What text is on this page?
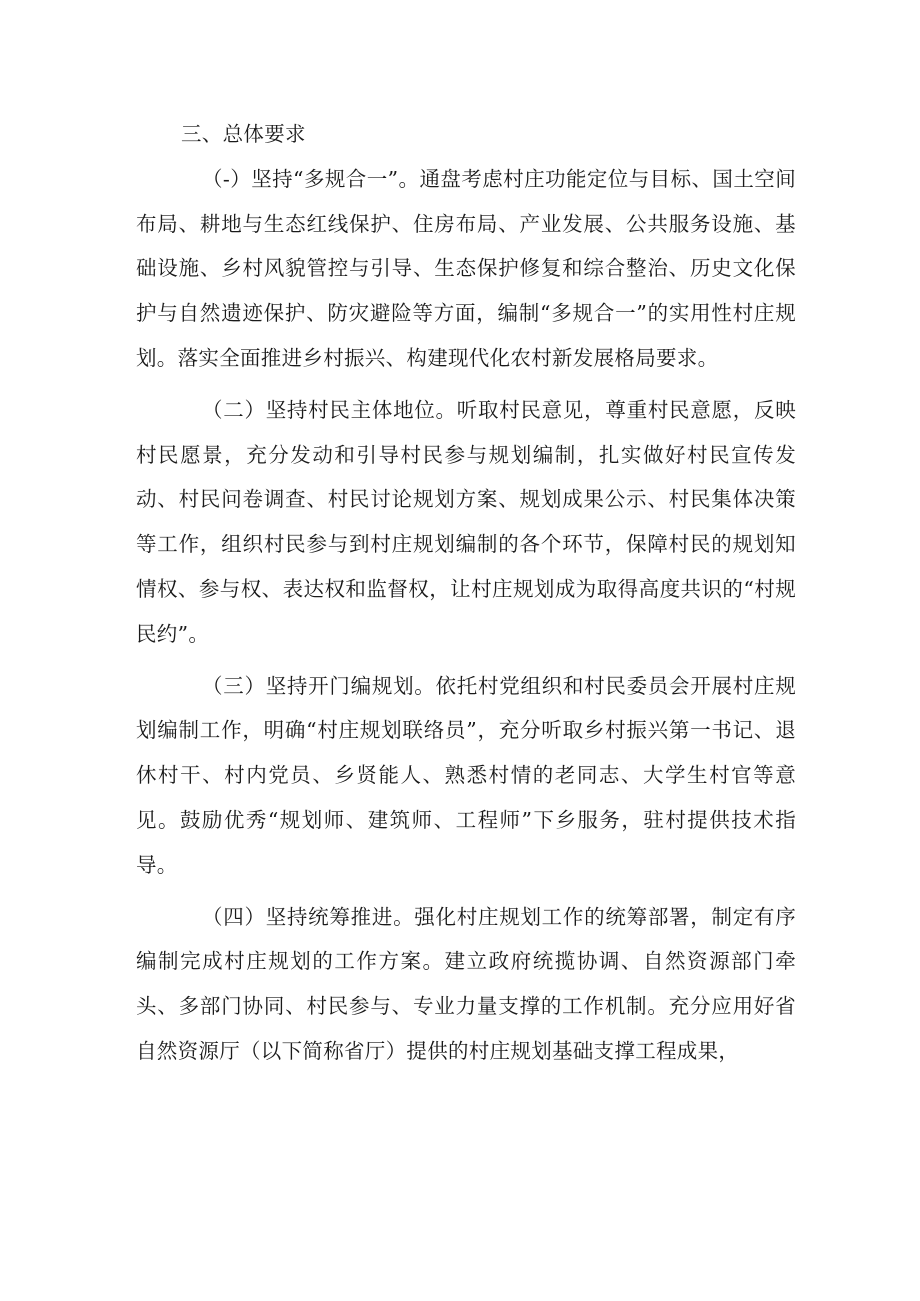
三、总体要求

（-）坚持“多规合一”。通盘考虑村庄功能定位与目标、国土空间布局、耕地与生态红线保护、住房布局、产业发展、公共服务设施、基础设施、乡村风貌管控与引导、生态保护修复和综合整治、历史文化保护与自然遗迹保护、防灾避险等方面，编制“多规合一”的实用性村庄规划。落实全面推进乡村振兴、构建现代化农村新发展格局要求。

（二）坚持村民主体地位。听取村民意见，尊重村民意愿，反映村民愿景，充分发动和引导村民参与规划编制，扎实做好村民宣传发动、村民问卷调查、村民讨论规划方案、规划成果公示、村民集体决策等工作，组织村民参与到村庄规划编制的各个环节，保障村民的规划知情权、参与权、表达权和监督权，让村庄规划成为取得高度共识的“村规民约”。

（三）坚持开门编规划。依托村党组织和村民委员会开展村庄规划编制工作，明确“村庄规划联络员”，充分听取乡村振兴第一书记、退休村干、村内党员、乡贤能人、熟悉村情的老同志、大学生村官等意见。鼓励优秀“规划师、建筑师、工程师”下乡服务，驻村提供技术指导。

（四）坚持统筹推进。强化村庄规划工作的统筹部署，制定有序编制完成村庄规划的工作方案。建立政府统揽协调、自然资源部门牵头、多部门协同、村民参与、专业力量支撑的工作机制。充分应用好省自然资源厅（以下简称省厅）提供的村庄规划基础支撑工程成果，
